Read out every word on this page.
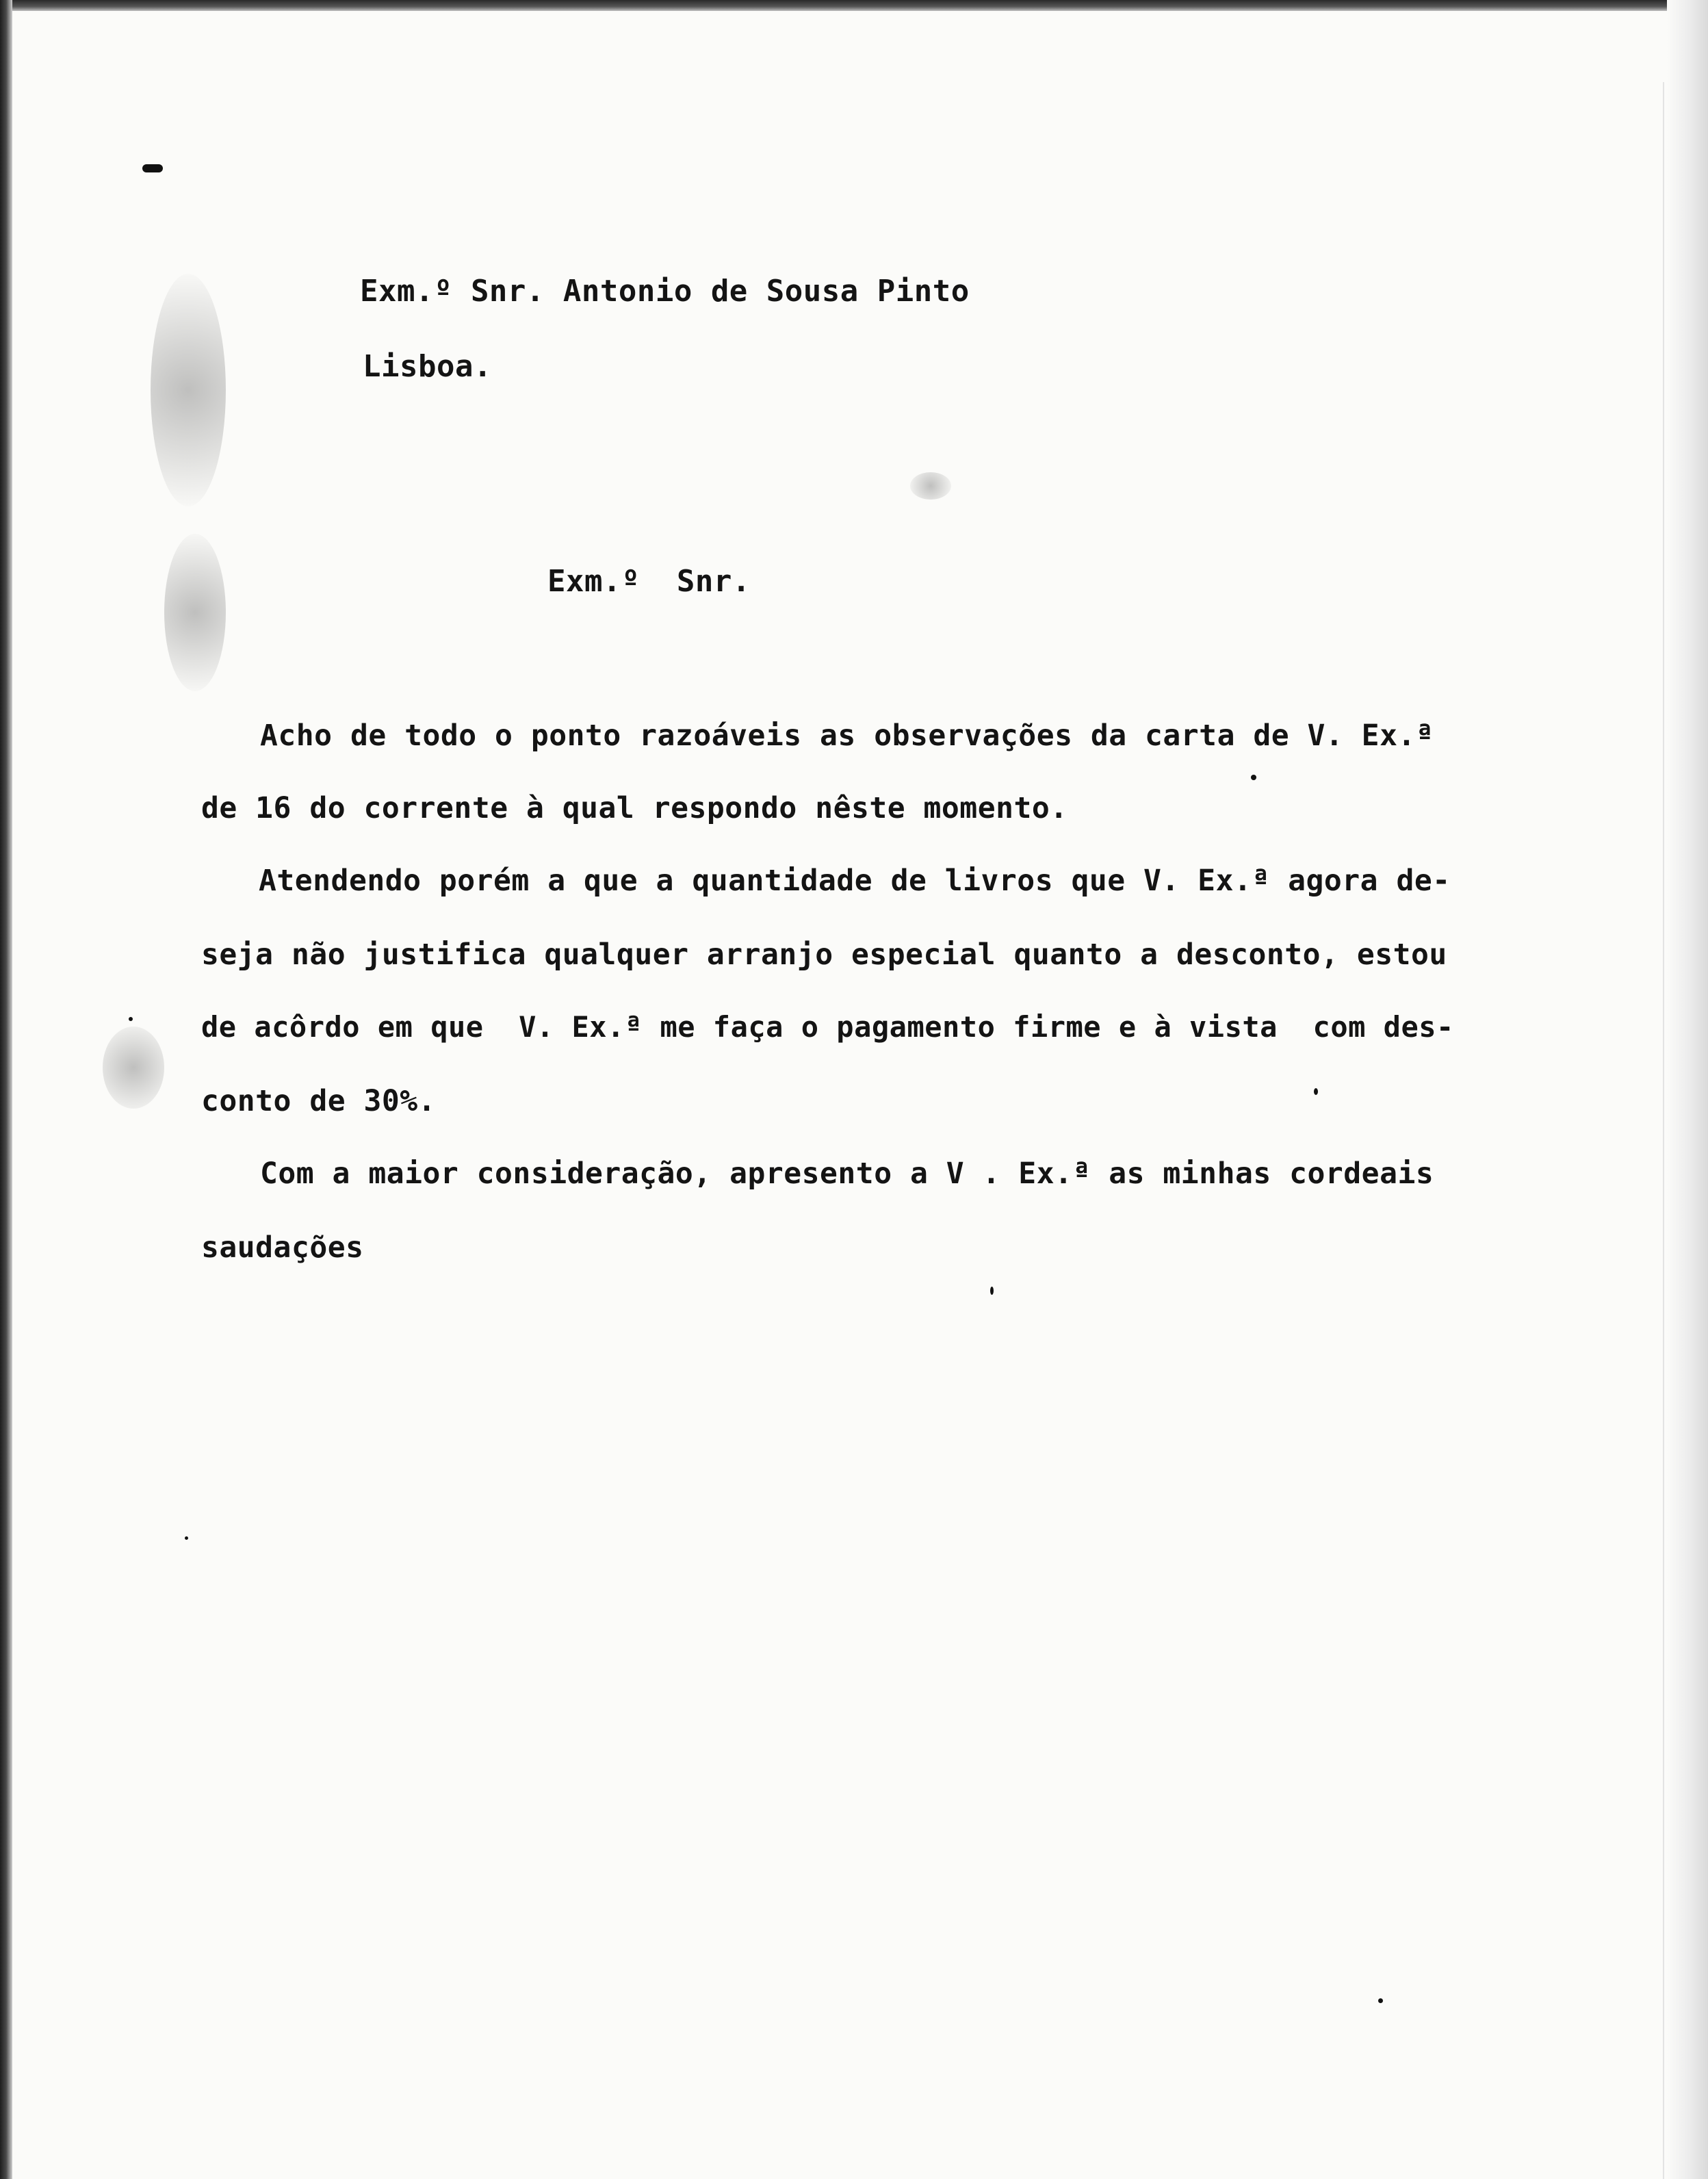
Exm.º Snr. Antonio de Sousa Pinto
Lisboa.
Exm.º  Snr.
Acho de todo o ponto razoáveis as observações da carta de V. Ex.ª
de 16 do corrente à qual respondo nêste momento.
Atendendo porém a que a quantidade de livros que V. Ex.ª agora de-
seja não justifica qualquer arranjo especial quanto a desconto, estou
de acôrdo em que  V. Ex.ª me faça o pagamento firme e à vista  com des-
conto de 30%.
Com a maior consideração, apresento a V . Ex.ª as minhas cordeais
saudações
